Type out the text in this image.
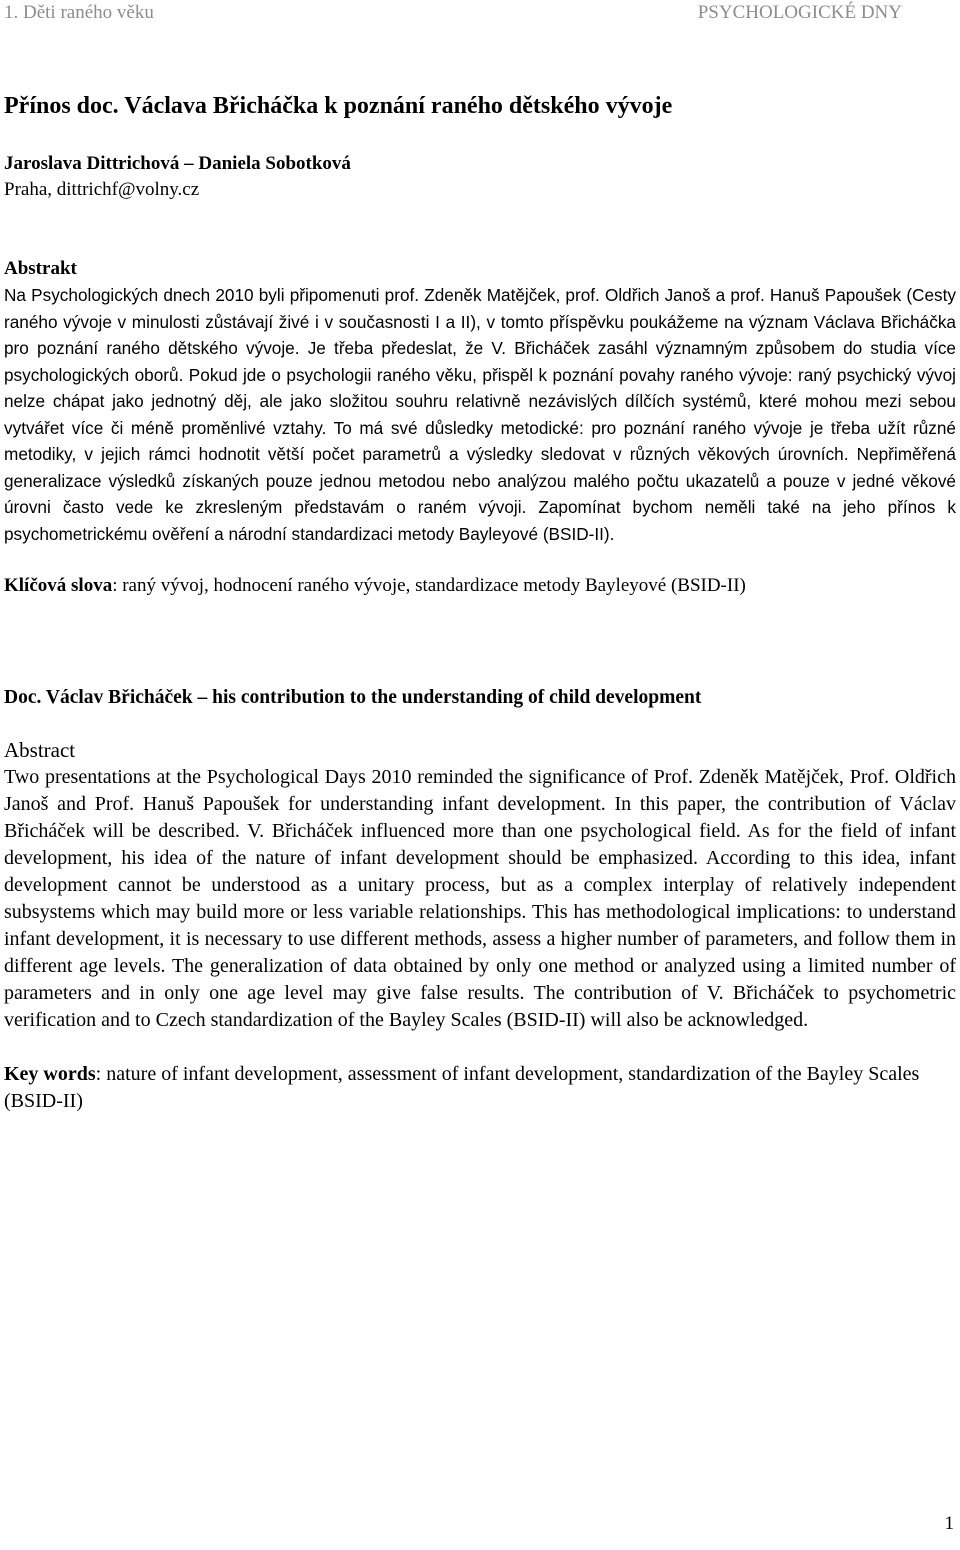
1. Děti raného věku	PSYCHOLOGICKÉ DNY
Přínos doc. Václava Břicháčka k poznání raného dětského vývoje
Jaroslava Dittrichová – Daniela Sobotková
Praha, dittrichf@volny.cz
Abstrakt

Na Psychologických dnech 2010 byli připomenuti prof. Zdeněk Matějček, prof. Oldřich Janoš a prof. Hanuš Papoušek (Cesty raného vývoje v minulosti zůstávají živé i v současnosti I a II), v tomto příspěvku poukážeme na význam Václava Břicháčka pro poznání raného dětského vývoje. Je třeba předeslat, že V. Břicháček zasáhl významným způsobem do studia více psychologických oborů. Pokud jde o psychologii raného věku, přispěl k poznání povahy raného vývoje: raný psychický vývoj nelze chápat jako jednotný děj, ale jako složitou souhru relativně nezávislých dílčích systémů, které mohou mezi sebou vytvářet více či méně proměnlivé vztahy. To má své důsledky metodické: pro poznání raného vývoje je třeba užít různé metodiky, v jejich rámci hodnotit větší počet parametrů a výsledky sledovat v různých věkových úrovních. Nepřiměřená generalizace výsledků získaných pouze jednou metodou nebo analýzou malého počtu ukazatelů a pouze v jedné věkové úrovni často vede ke zkresleným představám o raném vývoji. Zapomínat bychom neměli také na jeho přínos k psychometrickému ověření a národní standardizaci metody Bayleyové (BSID-II).

Klíčová slova: raný vývoj, hodnocení raného vývoje, standardizace metody Bayleyové (BSID-II)
Doc. Václav Břicháček – his contribution to the understanding of child development
Abstract

Two presentations at the Psychological Days 2010 reminded the significance of Prof. Zdeněk Matějček, Prof. Oldřich Janoš and Prof. Hanuš Papoušek for understanding infant development. In this paper, the contribution of Václav Břicháček will be described. V. Břicháček influenced more than one psychological field. As for the field of infant development, his idea of the nature of infant development should be emphasized. According to this idea, infant development cannot be understood as a unitary process, but as a complex interplay of relatively independent subsystems which may build more or less variable relationships. This has methodological implications: to understand infant development, it is necessary to use different methods, assess a higher number of parameters, and follow them in different age levels. The generalization of data obtained by only one method or analyzed using a limited number of parameters and in only one age level may give false results. The contribution of V. Břicháček to psychometric verification and to Czech standardization of the Bayley Scales (BSID-II) will also be acknowledged.

Key words: nature of infant development, assessment of infant development, standardization of the Bayley Scales (BSID-II)
1
